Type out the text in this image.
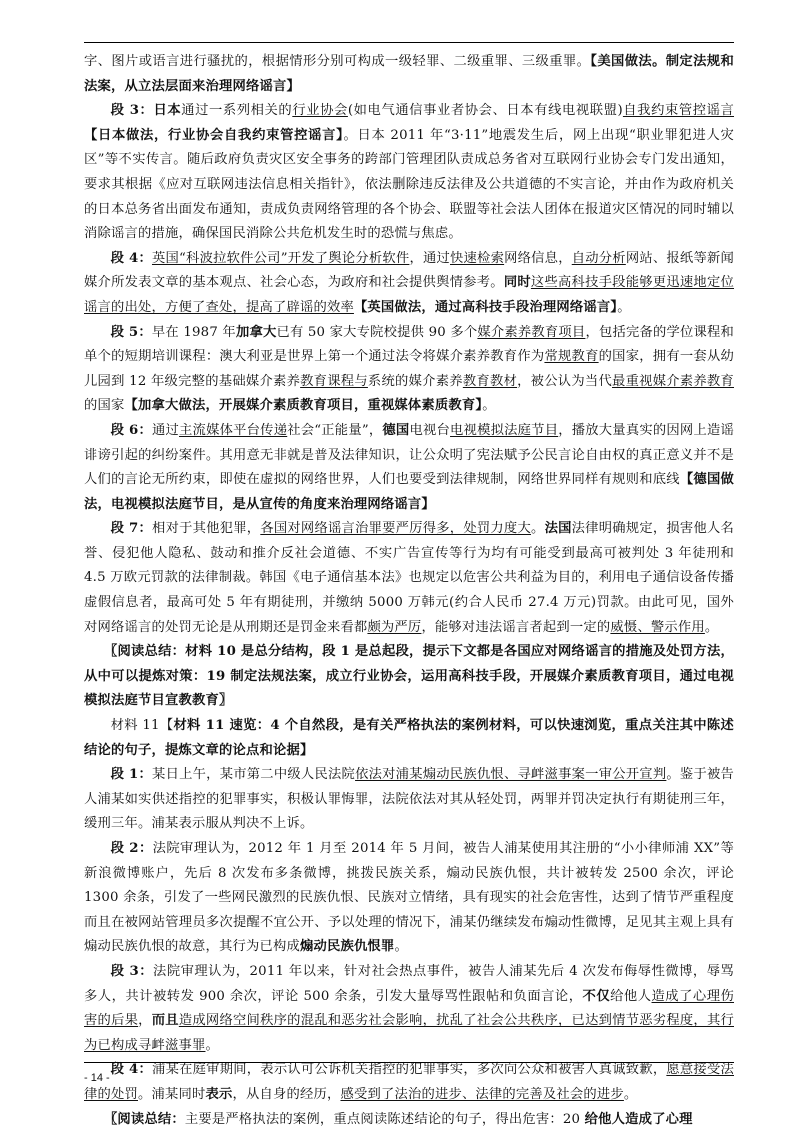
字、图片或语言进行骚扰的，根据情形分别可构成一级轻罪、二级重罪、三级重罪。【美国做法。制定法规和法案，从立法层面来治理网络谣言】

段 3：日本通过一系列相关的行业协会(如电气通信事业者协会、日本有线电视联盟)自我约束管控谣言【日本做法，行业协会自我约束管控谣言】。日本 2011 年“3·11”地震发生后，网上出现“职业罪犯进人灾区”等不实传言。随后政府负责灾区安全事务的跨部门管理团队责成总务省对互联网行业协会专门发出通知，要求其根据《应对互联网违法信息相关指针》，依法删除违反法律及公共道德的不实言论，并由作为政府机关的日本总务省出面发布通知，责成负责网络管理的各个协会、联盟等社会法人团体在报道灾区情况的同时辅以消除谣言的措施，确保国民消除公共危机发生时的恐慌与焦虑。

段 4：英国“科波拉软件公司”开发了舆论分析软件，通过快速检索网络信息，自动分析网站、报纸等新闻媒介所发表文章的基本观点、社会心态，为政府和社会提供舆情参考。同时这些高科技手段能够更迅速地定位谣言的出处，方便了查处，提高了辟谣的效率【英国做法，通过高科技手段治理网络谣言】。

段 5：早在 1987 年加拿大已有 50 家大专院校提供 90 多个媒介素养教育项目，包括完备的学位课程和单个的短期培训课程：澳大利亚是世界上第一个通过法令将媒介素养教育作为常规教育的国家，拥有一套从幼儿园到 12 年级完整的基础媒介素养教育课程与系统的媒介素养教育教材，被公认为当代最重视媒介素养教育的国家【加拿大做法，开展媒介素质教育项目，重视媒体素质教育】。

段 6：通过主流媒体平台传递社会“正能量”，德国电视台电视模拟法庭节目，播放大量真实的因网上造谣诽谤引起的纠纷案件。其用意无非就是普及法律知识，让公众明了宪法赋予公民言论自由权的真正意义并不是人们的言论无所约束，即使在虚拟的网络世界，人们也要受到法律规制，网络世界同样有规则和底线【德国做法，电视模拟法庭节目，是从宣传的角度来治理网络谣言】

段 7：相对于其他犯罪，各国对网络谣言治罪要严厉得多，处罚力度大。法国法律明确规定，损害他人名誉、侵犯他人隐私、鼓动和推介反社会道德、不实广告宣传等行为均有可能受到最高可被判处 3 年徒刑和 4.5 万欧元罚款的法律制裁。韩国《电子通信基本法》也规定以危害公共利益为目的，利用电子通信设备传播虚假信息者，最高可处 5 年有期徒刑，并缴纳 5000 万韩元(约合人民币 27.4 万元)罚款。由此可见，国外对网络谣言的处罚无论是从刑期还是罚金来看都颇为严厉，能够对违法谣言者起到一定的威慑、警示作用。

〖阅读总结：材料 10 是总分结构，段 1 是总起段，提示下文都是各国应对网络谣言的措施及处罚方法，从中可以提炼对策：19 制定法规法案，成立行业协会，运用高科技手段，开展媒介素质教育项目，通过电视模拟法庭节目宣教教育〗

材料 11【材料 11 速览：4 个自然段，是有关严格执法的案例材料，可以快速浏览，重点关注其中陈述结论的句子，提炼文章的论点和论据】

段 1：某日上午，某市第二中级人民法院依法对浦某煽动民族仇恨、寻衅滋事案一审公开宣判。鉴于被告人浦某如实供述指控的犯罪事实，积极认罪悔罪，法院依法对其从轻处罚，两罪并罚决定执行有期徒刑三年，缓刑三年。浦某表示服从判决不上诉。

段 2：法院审理认为，2012 年 1 月至 2014 年 5 月间，被告人浦某使用其注册的“小小律师浦 XX”等新浪微博账户，先后 8 次发布多条微博，挑拨民族关系，煽动民族仇恨，共计被转发 2500 余次，评论 1300 余条，引发了一些网民激烈的民族仇恨、民族对立情绪，具有现实的社会危害性，达到了情节严重程度而且在被网站管理员多次提醒不宜公开、予以处理的情况下，浦某仍继续发布煽动性微博，足见其主观上具有煽动民族仇恨的故意，其行为已构成煽动民族仇恨罪。

段 3：法院审理认为，2011 年以来，针对社会热点事件，被告人浦某先后 4 次发布侮辱性微博，辱骂多人，共计被转发 900 余次，评论 500 余条，引发大量辱骂性跟帖和负面言论，不仅给他人造成了心理伤害的后果，而且造成网络空间秩序的混乱和恶劣社会影响，扰乱了社会公共秩序，已达到情节恶劣程度，其行为已构成寻衅滋事罪。

段 4：浦某在庭审期间，表示认可公诉机关指控的犯罪事实，多次向公众和被害人真诚致歉，愿意接受法律的处罚。浦某同时表示，从自身的经历，感受到了法治的进步、法律的完善及社会的进步。

〖阅读总结：主要是严格执法的案例，重点阅读陈述结论的句子，得出危害：20 给他人造成了心理

- 14 -
